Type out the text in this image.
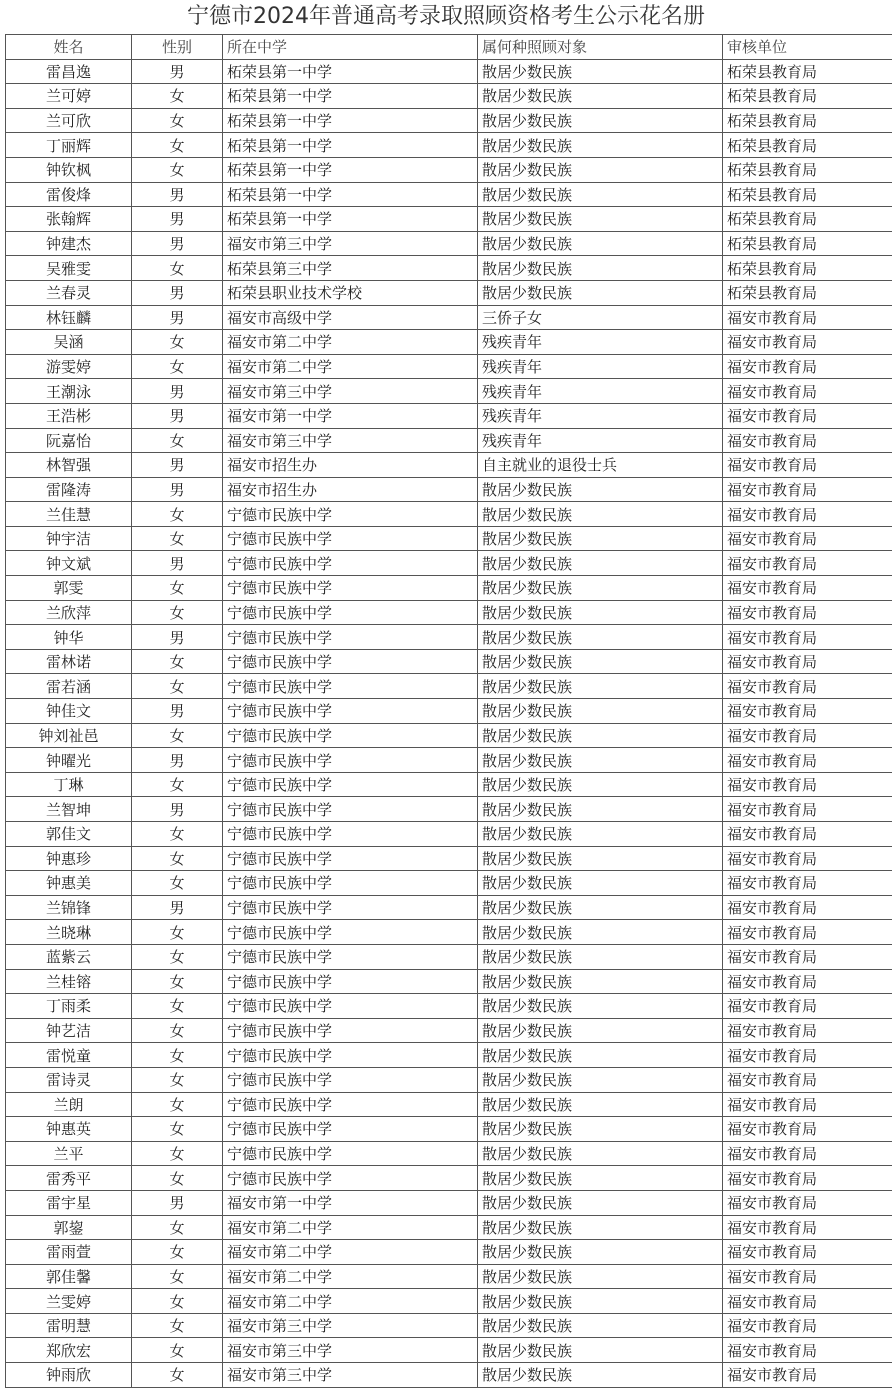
宁德市2024年普通高考录取照顾资格考生公示花名册
姓名	性别	所在中学	属何种照顾对象	审核单位
雷昌逸	男	柘荣县第一中学	散居少数民族	柘荣县教育局
兰可婷	女	柘荣县第一中学	散居少数民族	柘荣县教育局
兰可欣	女	柘荣县第一中学	散居少数民族	柘荣县教育局
丁丽辉	女	柘荣县第一中学	散居少数民族	柘荣县教育局
钟钦枫	女	柘荣县第一中学	散居少数民族	柘荣县教育局
雷俊烽	男	柘荣县第一中学	散居少数民族	柘荣县教育局
张翰辉	男	柘荣县第一中学	散居少数民族	柘荣县教育局
钟建杰	男	福安市第三中学	散居少数民族	柘荣县教育局
吴雅雯	女	柘荣县第三中学	散居少数民族	柘荣县教育局
兰春灵	男	柘荣县职业技术学校	散居少数民族	柘荣县教育局
林钰麟	男	福安市高级中学	三侨子女	福安市教育局
吴涵	女	福安市第二中学	残疾青年	福安市教育局
游雯婷	女	福安市第二中学	残疾青年	福安市教育局
王潮泳	男	福安市第三中学	残疾青年	福安市教育局
王浩彬	男	福安市第一中学	残疾青年	福安市教育局
阮嘉怡	女	福安市第三中学	残疾青年	福安市教育局
林智强	男	福安市招生办	自主就业的退役士兵	福安市教育局
雷隆涛	男	福安市招生办	散居少数民族	福安市教育局
兰佳慧	女	宁德市民族中学	散居少数民族	福安市教育局
钟宇洁	女	宁德市民族中学	散居少数民族	福安市教育局
钟文斌	男	宁德市民族中学	散居少数民族	福安市教育局
郭雯	女	宁德市民族中学	散居少数民族	福安市教育局
兰欣萍	女	宁德市民族中学	散居少数民族	福安市教育局
钟华	男	宁德市民族中学	散居少数民族	福安市教育局
雷林诺	女	宁德市民族中学	散居少数民族	福安市教育局
雷若涵	女	宁德市民族中学	散居少数民族	福安市教育局
钟佳文	男	宁德市民族中学	散居少数民族	福安市教育局
钟刘祉邑	女	宁德市民族中学	散居少数民族	福安市教育局
钟曜光	男	宁德市民族中学	散居少数民族	福安市教育局
丁琳	女	宁德市民族中学	散居少数民族	福安市教育局
兰智坤	男	宁德市民族中学	散居少数民族	福安市教育局
郭佳文	女	宁德市民族中学	散居少数民族	福安市教育局
钟惠珍	女	宁德市民族中学	散居少数民族	福安市教育局
钟惠美	女	宁德市民族中学	散居少数民族	福安市教育局
兰锦锋	男	宁德市民族中学	散居少数民族	福安市教育局
兰晓琳	女	宁德市民族中学	散居少数民族	福安市教育局
蓝紫云	女	宁德市民族中学	散居少数民族	福安市教育局
兰桂镕	女	宁德市民族中学	散居少数民族	福安市教育局
丁雨柔	女	宁德市民族中学	散居少数民族	福安市教育局
钟艺洁	女	宁德市民族中学	散居少数民族	福安市教育局
雷悦童	女	宁德市民族中学	散居少数民族	福安市教育局
雷诗灵	女	宁德市民族中学	散居少数民族	福安市教育局
兰朗	女	宁德市民族中学	散居少数民族	福安市教育局
钟惠英	女	宁德市民族中学	散居少数民族	福安市教育局
兰平	女	宁德市民族中学	散居少数民族	福安市教育局
雷秀平	女	宁德市民族中学	散居少数民族	福安市教育局
雷宇星	男	福安市第一中学	散居少数民族	福安市教育局
郭鋆	女	福安市第二中学	散居少数民族	福安市教育局
雷雨萱	女	福安市第二中学	散居少数民族	福安市教育局
郭佳馨	女	福安市第二中学	散居少数民族	福安市教育局
兰雯婷	女	福安市第二中学	散居少数民族	福安市教育局
雷明慧	女	福安市第三中学	散居少数民族	福安市教育局
郑欣宏	女	福安市第三中学	散居少数民族	福安市教育局
钟雨欣	女	福安市第三中学	散居少数民族	福安市教育局
